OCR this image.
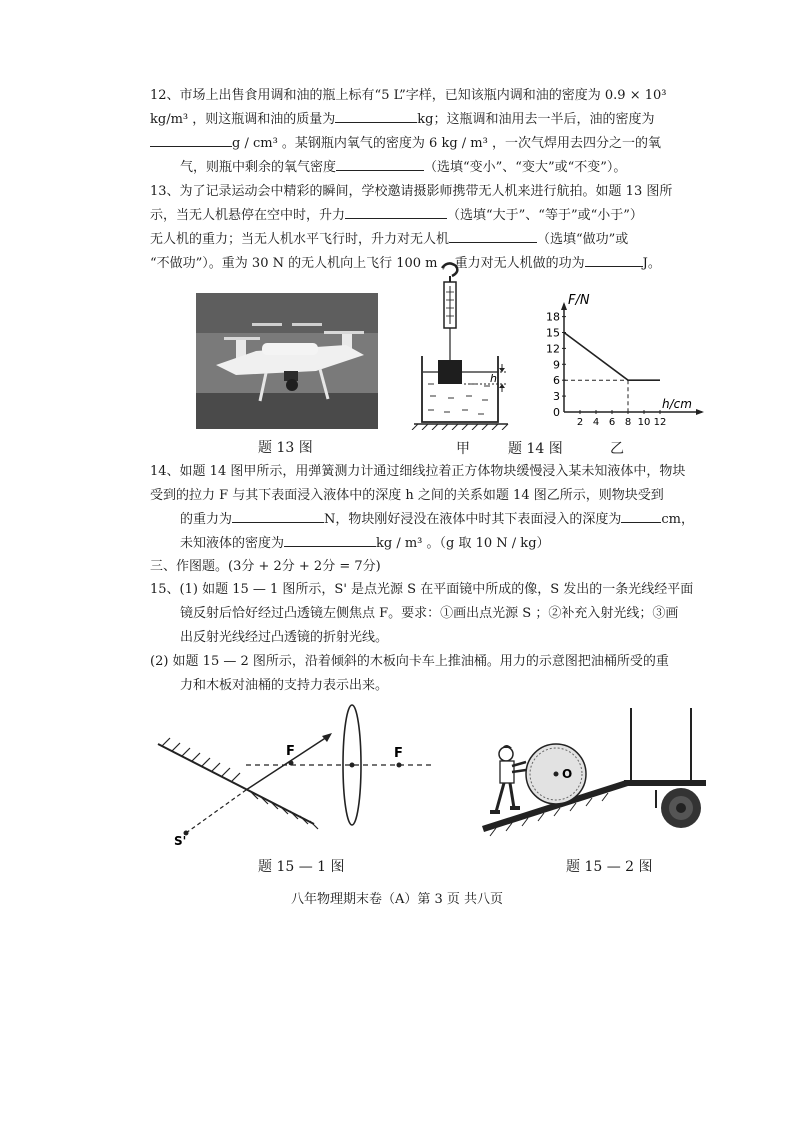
12、市场上出售食用调和油的瓶上标有“5 L”字样，已知该瓶内调和油的密度为 0.9 × 10³
kg/m³ ，则这瓶调和油的质量为	kg；这瓶调和油用去一半后，油的密度为
g / cm³ 。某钢瓶内氧气的密度为 6 kg / m³ ，一次气焊用去四分之一的氧
气，则瓶中剩余的氧气密度	（选填“变小”、“变大”或“不变”）。
13、为了记录运动会中精彩的瞬间，学校邀请摄影师携带无人机来进行航拍。如题 13 图所
示，当无人机悬停在空中时，升力	（选填“大于”、“等于”或“小于”）
无人机的重力；当无人机水平飞行时，升力对无人机	（选填“做功”或
“不做功”）。重为 30 N 的无人机向上飞行 100 m ，重力对无人机做的功为	J。
题 13 图
h
18
15
12
9
6
3
0
2 4 6 8 10 12
F/N
h/cm
甲	题 14 图	乙
14、如题 14 图甲所示，用弹簧测力计通过细线拉着正方体物块缓慢浸入某未知液体中，物块
受到的拉力 F 与其下表面浸入液体中的深度 h 之间的关系如题 14 图乙所示，则物块受到
的重力为	N，物块刚好浸没在液体中时其下表面浸入的深度为	cm，
未知液体的密度为	kg / m³ 。（g 取 10 N / kg）
三、作图题。(3分 + 2分 + 2分 = 7分)
15、(1) 如题 15 — 1 图所示，S' 是点光源 S 在平面镜中所成的像，S 发出的一条光线经平面
镜反射后恰好经过凸透镜左侧焦点 F。要求：①画出点光源 S ；②补充入射光线；③画
出反射光线经过凸透镜的折射光线。
(2) 如题 15 — 2 图所示，沿着倾斜的木板向卡车上推油桶。用力的示意图把油桶所受的重
力和木板对油桶的支持力表示出来。
F	F
S'
题 15 — 1 图
O
题 15 — 2 图
八年物理期末卷（A）第 3 页 共八页
